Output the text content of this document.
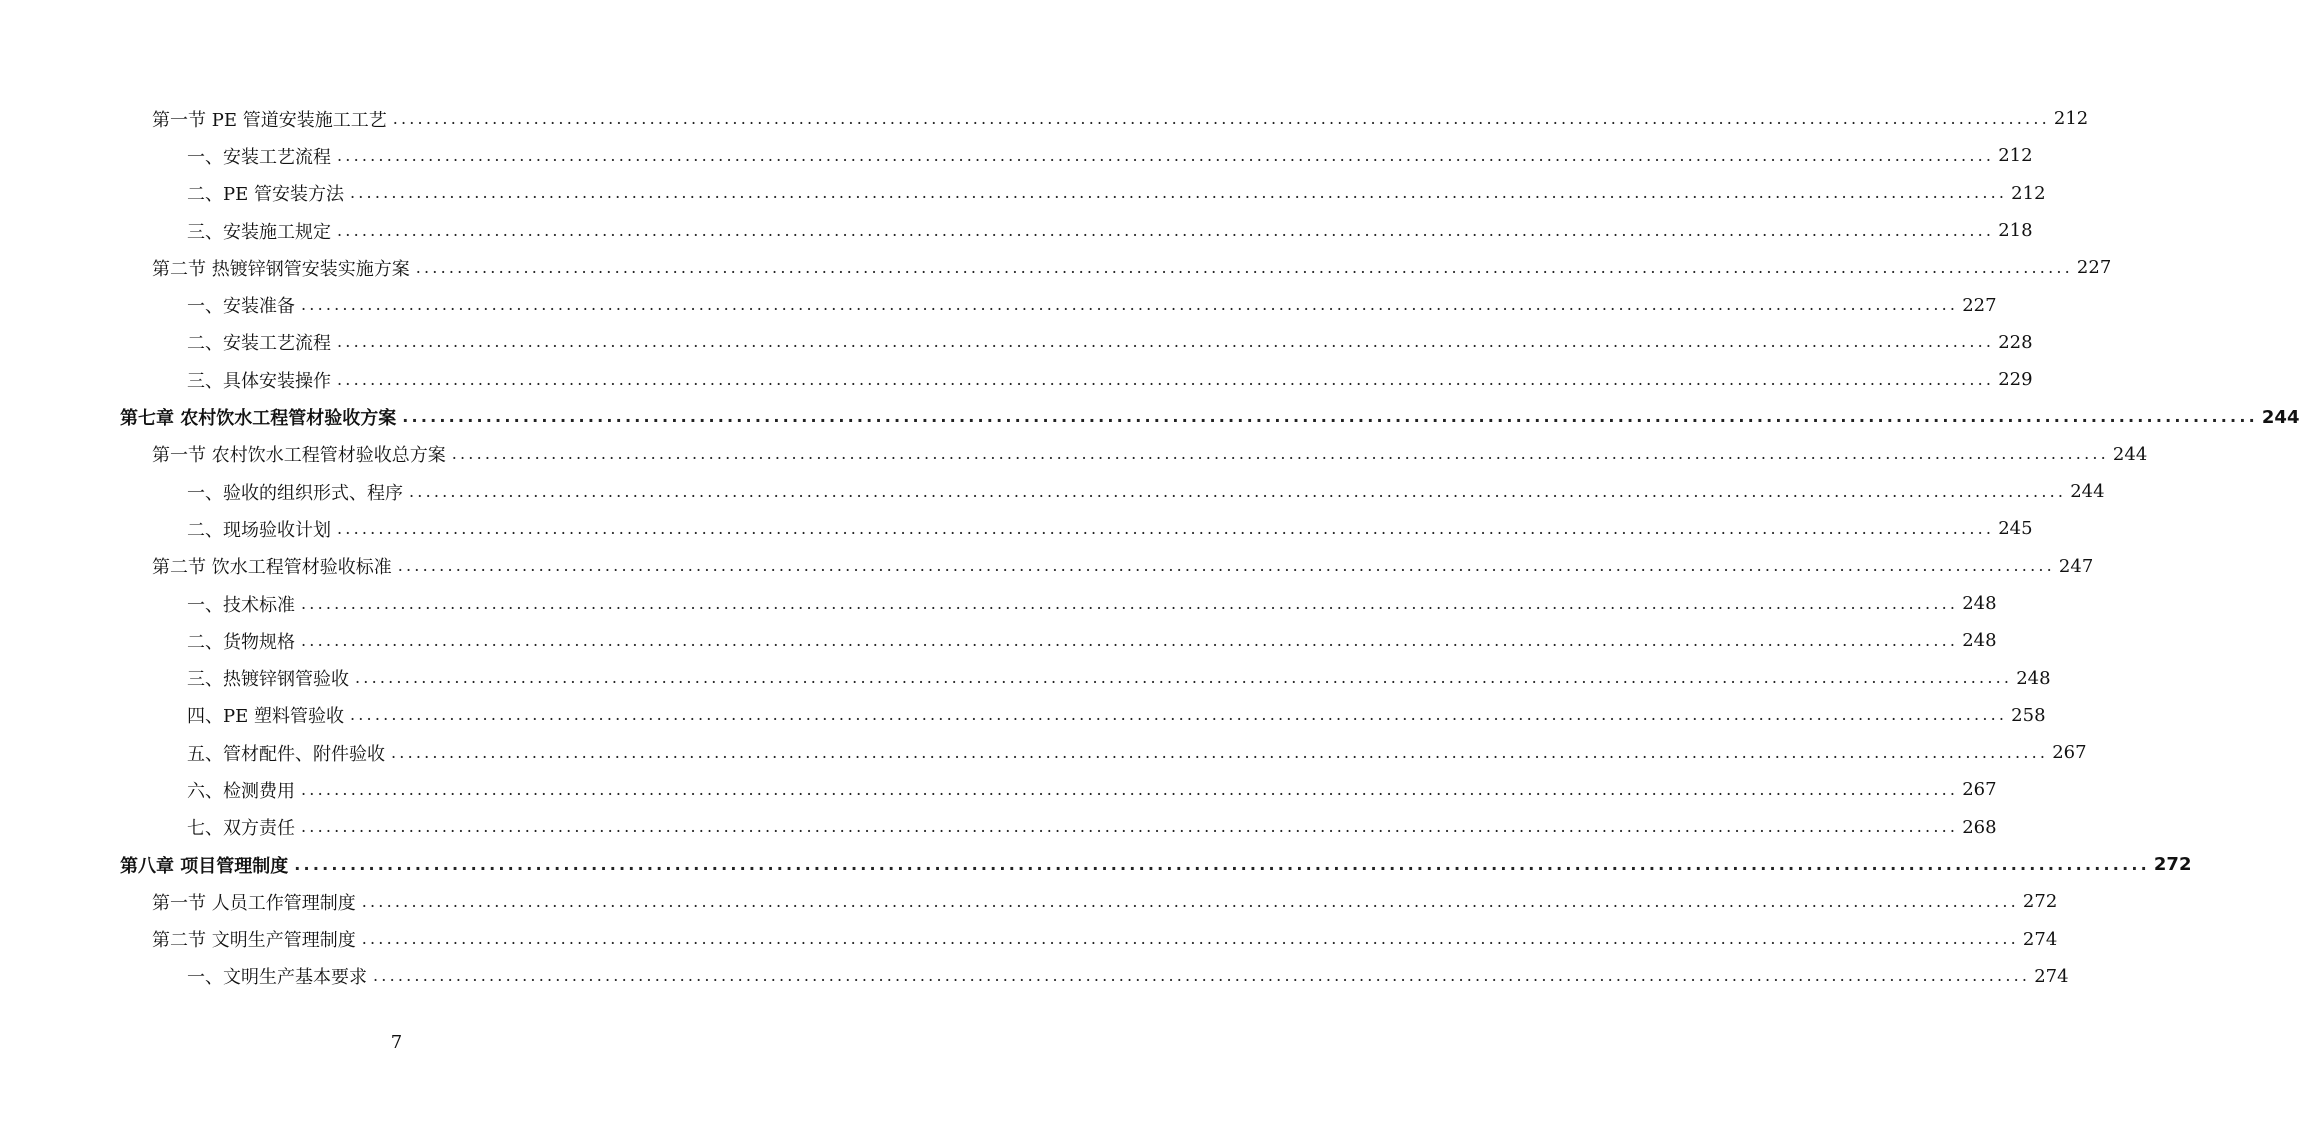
第一节 PE 管道安装施工工艺 ........................................................................................................................................................................................................ 212
一、安装工艺流程 ........................................................................................................................................................................................................ 212
二、PE 管安装方法 ........................................................................................................................................................................................................ 212
三、安装施工规定 ........................................................................................................................................................................................................ 218
第二节 热镀锌钢管安装实施方案 ........................................................................................................................................................................................................ 227
一、安装准备 ........................................................................................................................................................................................................ 227
二、安装工艺流程 ........................................................................................................................................................................................................ 228
三、具体安装操作 ........................................................................................................................................................................................................ 229
第七章 农村饮水工程管材验收方案 ........................................................................................................................................................................................................ 244
第一节 农村饮水工程管材验收总方案 ........................................................................................................................................................................................................ 244
一、验收的组织形式、程序 ........................................................................................................................................................................................................ 244
二、现场验收计划 ........................................................................................................................................................................................................ 245
第二节 饮水工程管材验收标准 ........................................................................................................................................................................................................ 247
一、技术标准 ........................................................................................................................................................................................................ 248
二、货物规格 ........................................................................................................................................................................................................ 248
三、热镀锌钢管验收 ........................................................................................................................................................................................................ 248
四、PE 塑料管验收 ........................................................................................................................................................................................................ 258
五、管材配件、附件验收 ........................................................................................................................................................................................................ 267
六、检测费用 ........................................................................................................................................................................................................ 267
七、双方责任 ........................................................................................................................................................................................................ 268
第八章 项目管理制度 ........................................................................................................................................................................................................ 272
第一节 人员工作管理制度 ........................................................................................................................................................................................................ 272
第二节 文明生产管理制度 ........................................................................................................................................................................................................ 274
一、文明生产基本要求 ........................................................................................................................................................................................................ 274
7
